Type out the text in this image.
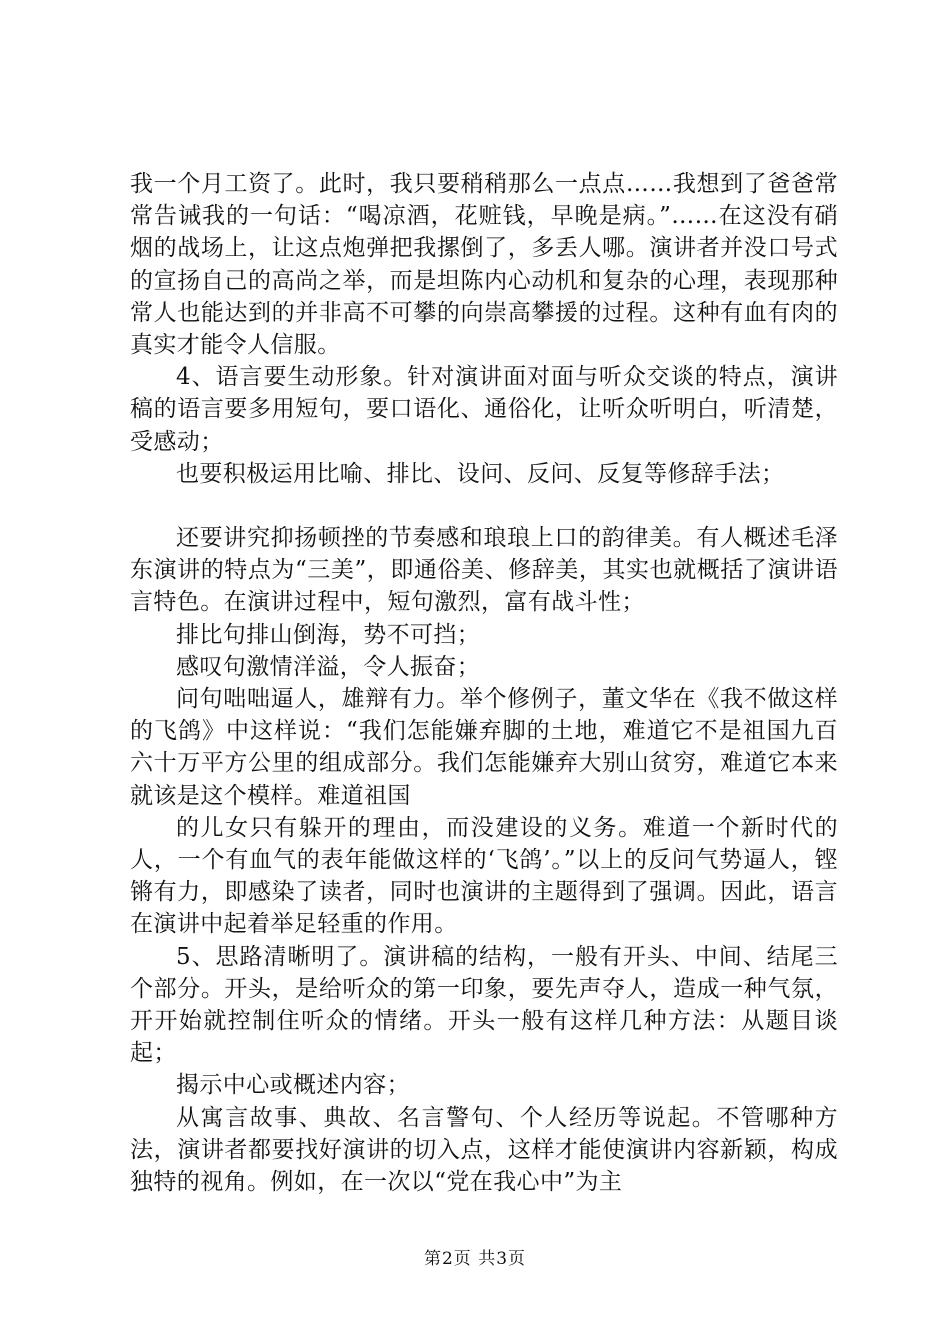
我一个月工资了。此时，我只要稍稍那么一点点……我想到了爸爸常常告诫我的一句话：“喝凉酒，花赃钱，早晚是病。”……在这没有硝烟的战场上，让这点炮弹把我摞倒了，多丢人哪。演讲者并没口号式的宣扬自己的高尚之举，而是坦陈内心动机和复杂的心理，表现那种常人也能达到的并非高不可攀的向崇高攀援的过程。这种有血有肉的真实才能令人信服。

4、语言要生动形象。针对演讲面对面与听众交谈的特点，演讲稿的语言要多用短句，要口语化、通俗化，让听众听明白，听清楚，受感动；

也要积极运用比喻、排比、设问、反问、反复等修辞手法；

还要讲究抑扬顿挫的节奏感和琅琅上口的韵律美。有人概述毛泽东演讲的特点为“三美”，即通俗美、修辞美，其实也就概括了演讲语言特色。在演讲过程中，短句激烈，富有战斗性；

排比句排山倒海，势不可挡；

感叹句激情洋溢，令人振奋；

问句咄咄逼人，雄辩有力。举个修例子，董文华在《我不做这样的飞鸽》中这样说：“我们怎能嫌弃脚的土地，难道它不是祖国九百六十万平方公里的组成部分。我们怎能嫌弃大别山贫穷，难道它本来就该是这个模样。难道祖国

的儿女只有躲开的理由，而没建设的义务。难道一个新时代的人，一个有血气的表年能做这样的‘飞鸽’。”以上的反问气势逼人，铿锵有力，即感染了读者，同时也演讲的主题得到了强调。因此，语言在演讲中起着举足轻重的作用。

5、思路清晰明了。演讲稿的结构，一般有开头、中间、结尾三个部分。开头，是给听众的第一印象，要先声夺人，造成一种气氛，开开始就控制住听众的情绪。开头一般有这样几种方法：从题目谈起；

揭示中心或概述内容；

从寓言故事、典故、名言警句、个人经历等说起。不管哪种方法，演讲者都要找好演讲的切入点，这样才能使演讲内容新颖，构成独特的视角。例如，在一次以“党在我心中”为主

第2页 共3页
